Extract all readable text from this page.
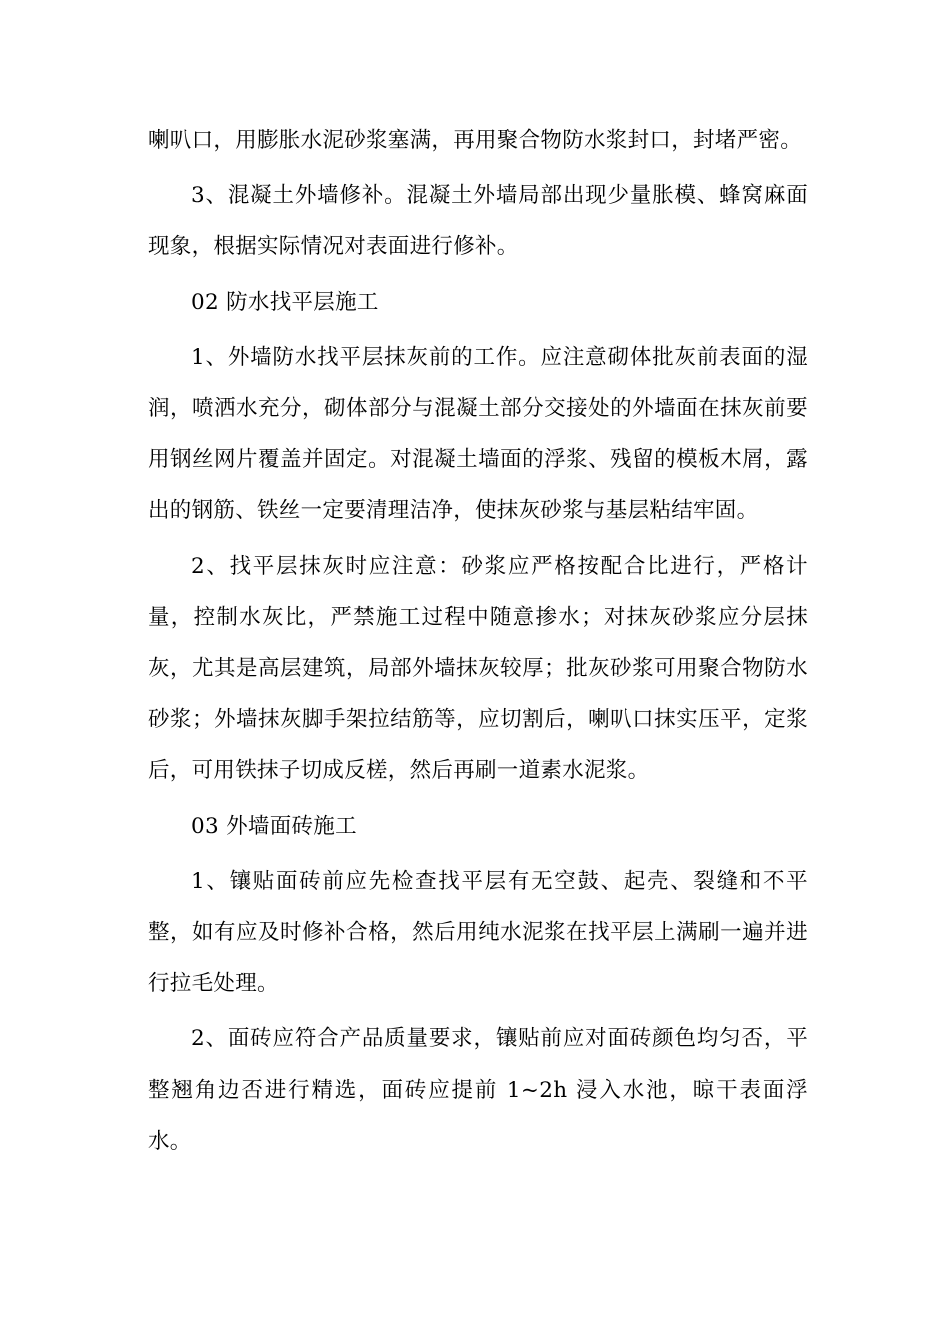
喇叭口，用膨胀水泥砂浆塞满，再用聚合物防水浆封口，封堵严密。

3、混凝土外墙修补。混凝土外墙局部出现少量胀模、蜂窝麻面现象，根据实际情况对表面进行修补。

02 防水找平层施工

1、外墙防水找平层抹灰前的工作。应注意砌体批灰前表面的湿润，喷洒水充分，砌体部分与混凝土部分交接处的外墙面在抹灰前要用钢丝网片覆盖并固定。对混凝土墙面的浮浆、残留的模板木屑，露出的钢筋、铁丝一定要清理洁净，使抹灰砂浆与基层粘结牢固。

2、找平层抹灰时应注意：砂浆应严格按配合比进行，严格计量，控制水灰比，严禁施工过程中随意掺水；对抹灰砂浆应分层抹灰，尤其是高层建筑，局部外墙抹灰较厚；批灰砂浆可用聚合物防水砂浆；外墙抹灰脚手架拉结筋等，应切割后，喇叭口抹实压平，定浆后，可用铁抹子切成反槎，然后再刷一道素水泥浆。

03 外墙面砖施工

1、镶贴面砖前应先检查找平层有无空鼓、起壳、裂缝和不平整，如有应及时修补合格，然后用纯水泥浆在找平层上满刷一遍并进行拉毛处理。

2、面砖应符合产品质量要求，镶贴前应对面砖颜色均匀否，平整翘角边否进行精选，面砖应提前 1~2h 浸入水池，晾干表面浮水。
